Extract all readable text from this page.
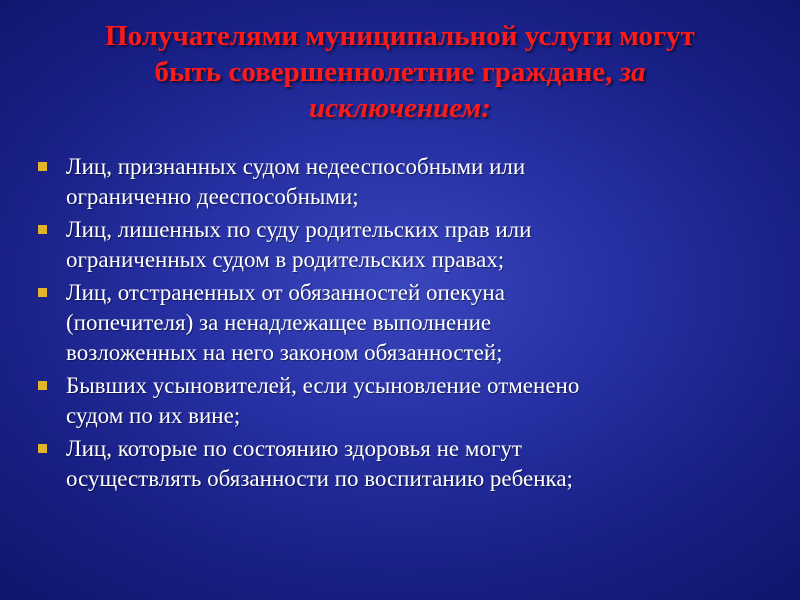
Получателями муниципальной услуги могут
быть совершеннолетние граждане, за
исключением:
Лиц, признанных судом недееспособными или
ограниченно дееспособными;
Лиц, лишенных по суду родительских прав или
ограниченных судом в родительских правах;
Лиц, отстраненных от обязанностей опекуна
(попечителя) за ненадлежащее выполнение
возложенных на него законом обязанностей;
Бывших усыновителей, если усыновление отменено
судом по их вине;
Лиц, которые по состоянию здоровья не могут
осуществлять обязанности по воспитанию ребенка;
